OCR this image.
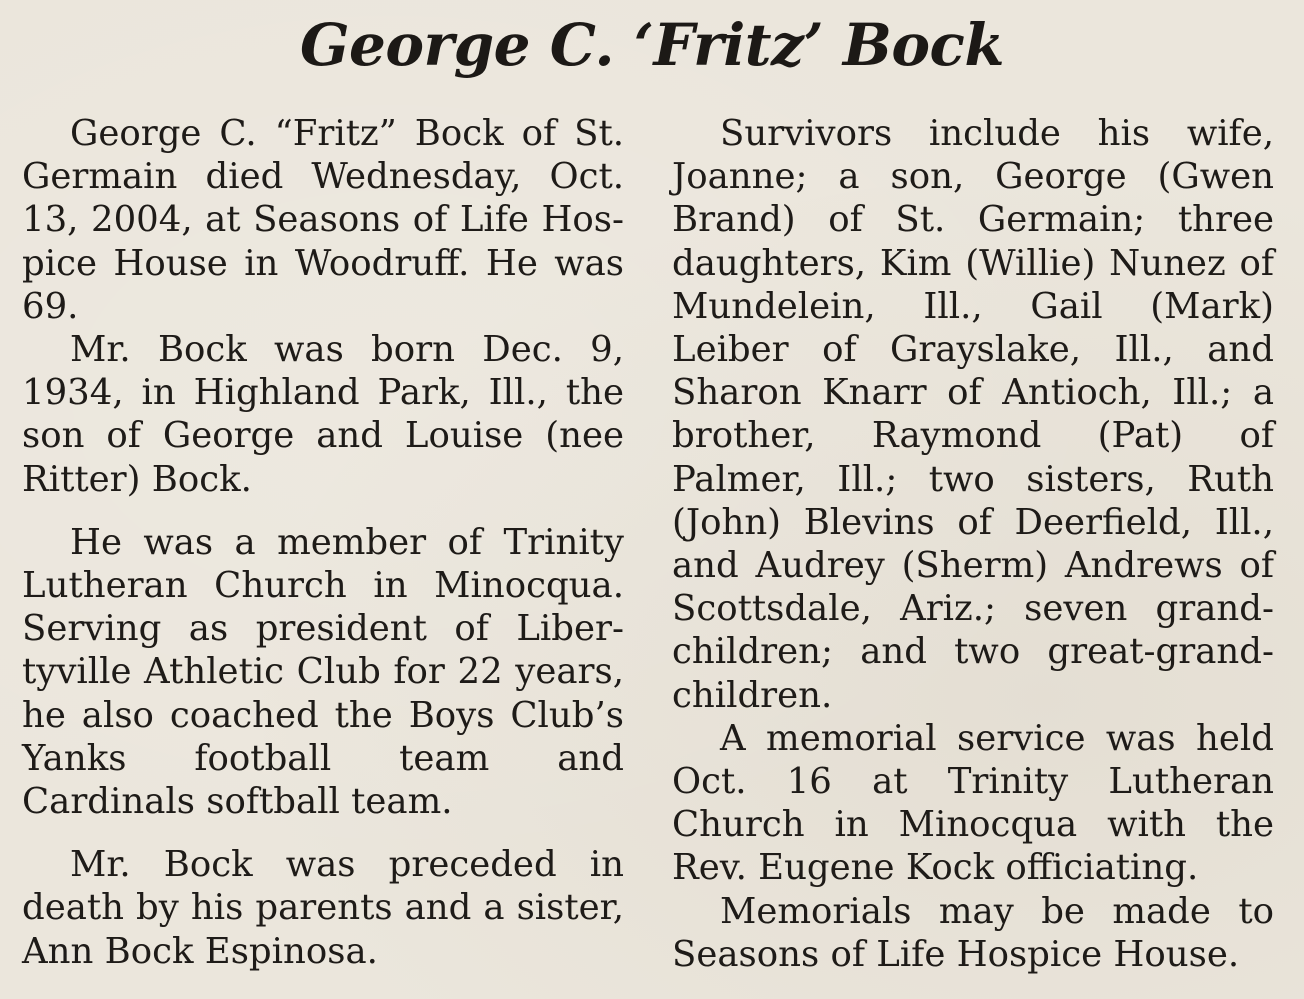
George C. ‘Fritz’ Bock

George C. “Fritz” Bock of St. Germain died Wednesday, Oct. 13, 2004, at Seasons of Life Hospice House in Woodruff. He was 69.

Mr. Bock was born Dec. 9, 1934, in Highland Park, Ill., the son of George and Louise (nee Ritter) Bock.

He was a member of Trinity Lutheran Church in Minocqua. Serving as president of Libertyville Athletic Club for 22 years, he also coached the Boys Club’s Yanks football team and Cardinals softball team.

Mr. Bock was preceded in death by his parents and a sister, Ann Bock Espinosa.

Survivors include his wife, Joanne; a son, George (Gwen Brand) of St. Germain; three daughters, Kim (Willie) Nunez of Mundelein, Ill., Gail (Mark) Leiber of Grayslake, Ill., and Sharon Knarr of Antioch, Ill.; a brother, Raymond (Pat) of Palmer, Ill.; two sisters, Ruth (John) Blevins of Deerfield, Ill., and Audrey (Sherm) Andrews of Scottsdale, Ariz.; seven grandchildren; and two great-grandchildren.

A memorial service was held Oct. 16 at Trinity Lutheran Church in Minocqua with the Rev. Eugene Kock officiating.

Memorials may be made to Seasons of Life Hospice House.
